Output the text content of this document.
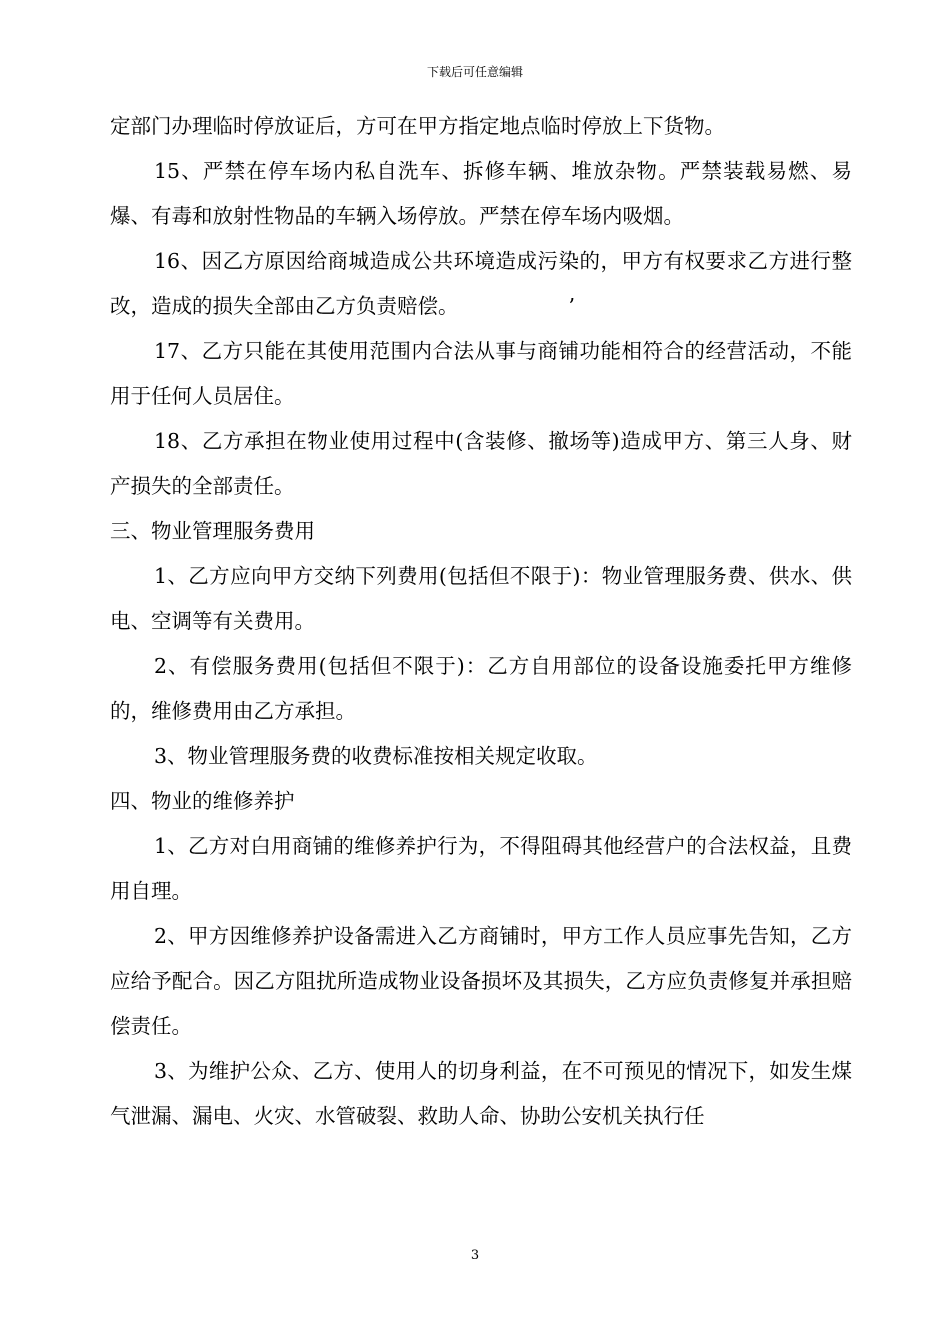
下载后可任意编辑

定部门办理临时停放证后，方可在甲方指定地点临时停放上下货物。

15、严禁在停车场内私自洗车、拆修车辆、堆放杂物。严禁装载易燃、易爆、有毒和放射性物品的车辆入场停放。严禁在停车场内吸烟。

16、因乙方原因给商城造成公共环境造成污染的，甲方有权要求乙方进行整改，造成的损失全部由乙方负责赔偿。	’

17、乙方只能在其使用范围内合法从事与商铺功能相符合的经营活动，不能用于任何人员居住。

18、乙方承担在物业使用过程中(含装修、撤场等)造成甲方、第三人身、财产损失的全部责任。

三、物业管理服务费用

1、乙方应向甲方交纳下列费用(包括但不限于)：物业管理服务费、供水、供电、空调等有关费用。

2、有偿服务费用(包括但不限于)：乙方自用部位的设备设施委托甲方维修的，维修费用由乙方承担。

3、物业管理服务费的收费标准按相关规定收取。

四、物业的维修养护

1、乙方对白用商铺的维修养护行为，不得阻碍其他经营户的合法权益，且费用自理。

2、甲方因维修养护设备需进入乙方商铺时，甲方工作人员应事先告知，乙方应给予配合。因乙方阻扰所造成物业设备损坏及其损失，乙方应负责修复并承担赔偿责任。

3、为维护公众、乙方、使用人的切身利益，在不可预见的情况下，如发生煤气泄漏、漏电、火灾、水管破裂、救助人命、协助公安机关执行任

3
